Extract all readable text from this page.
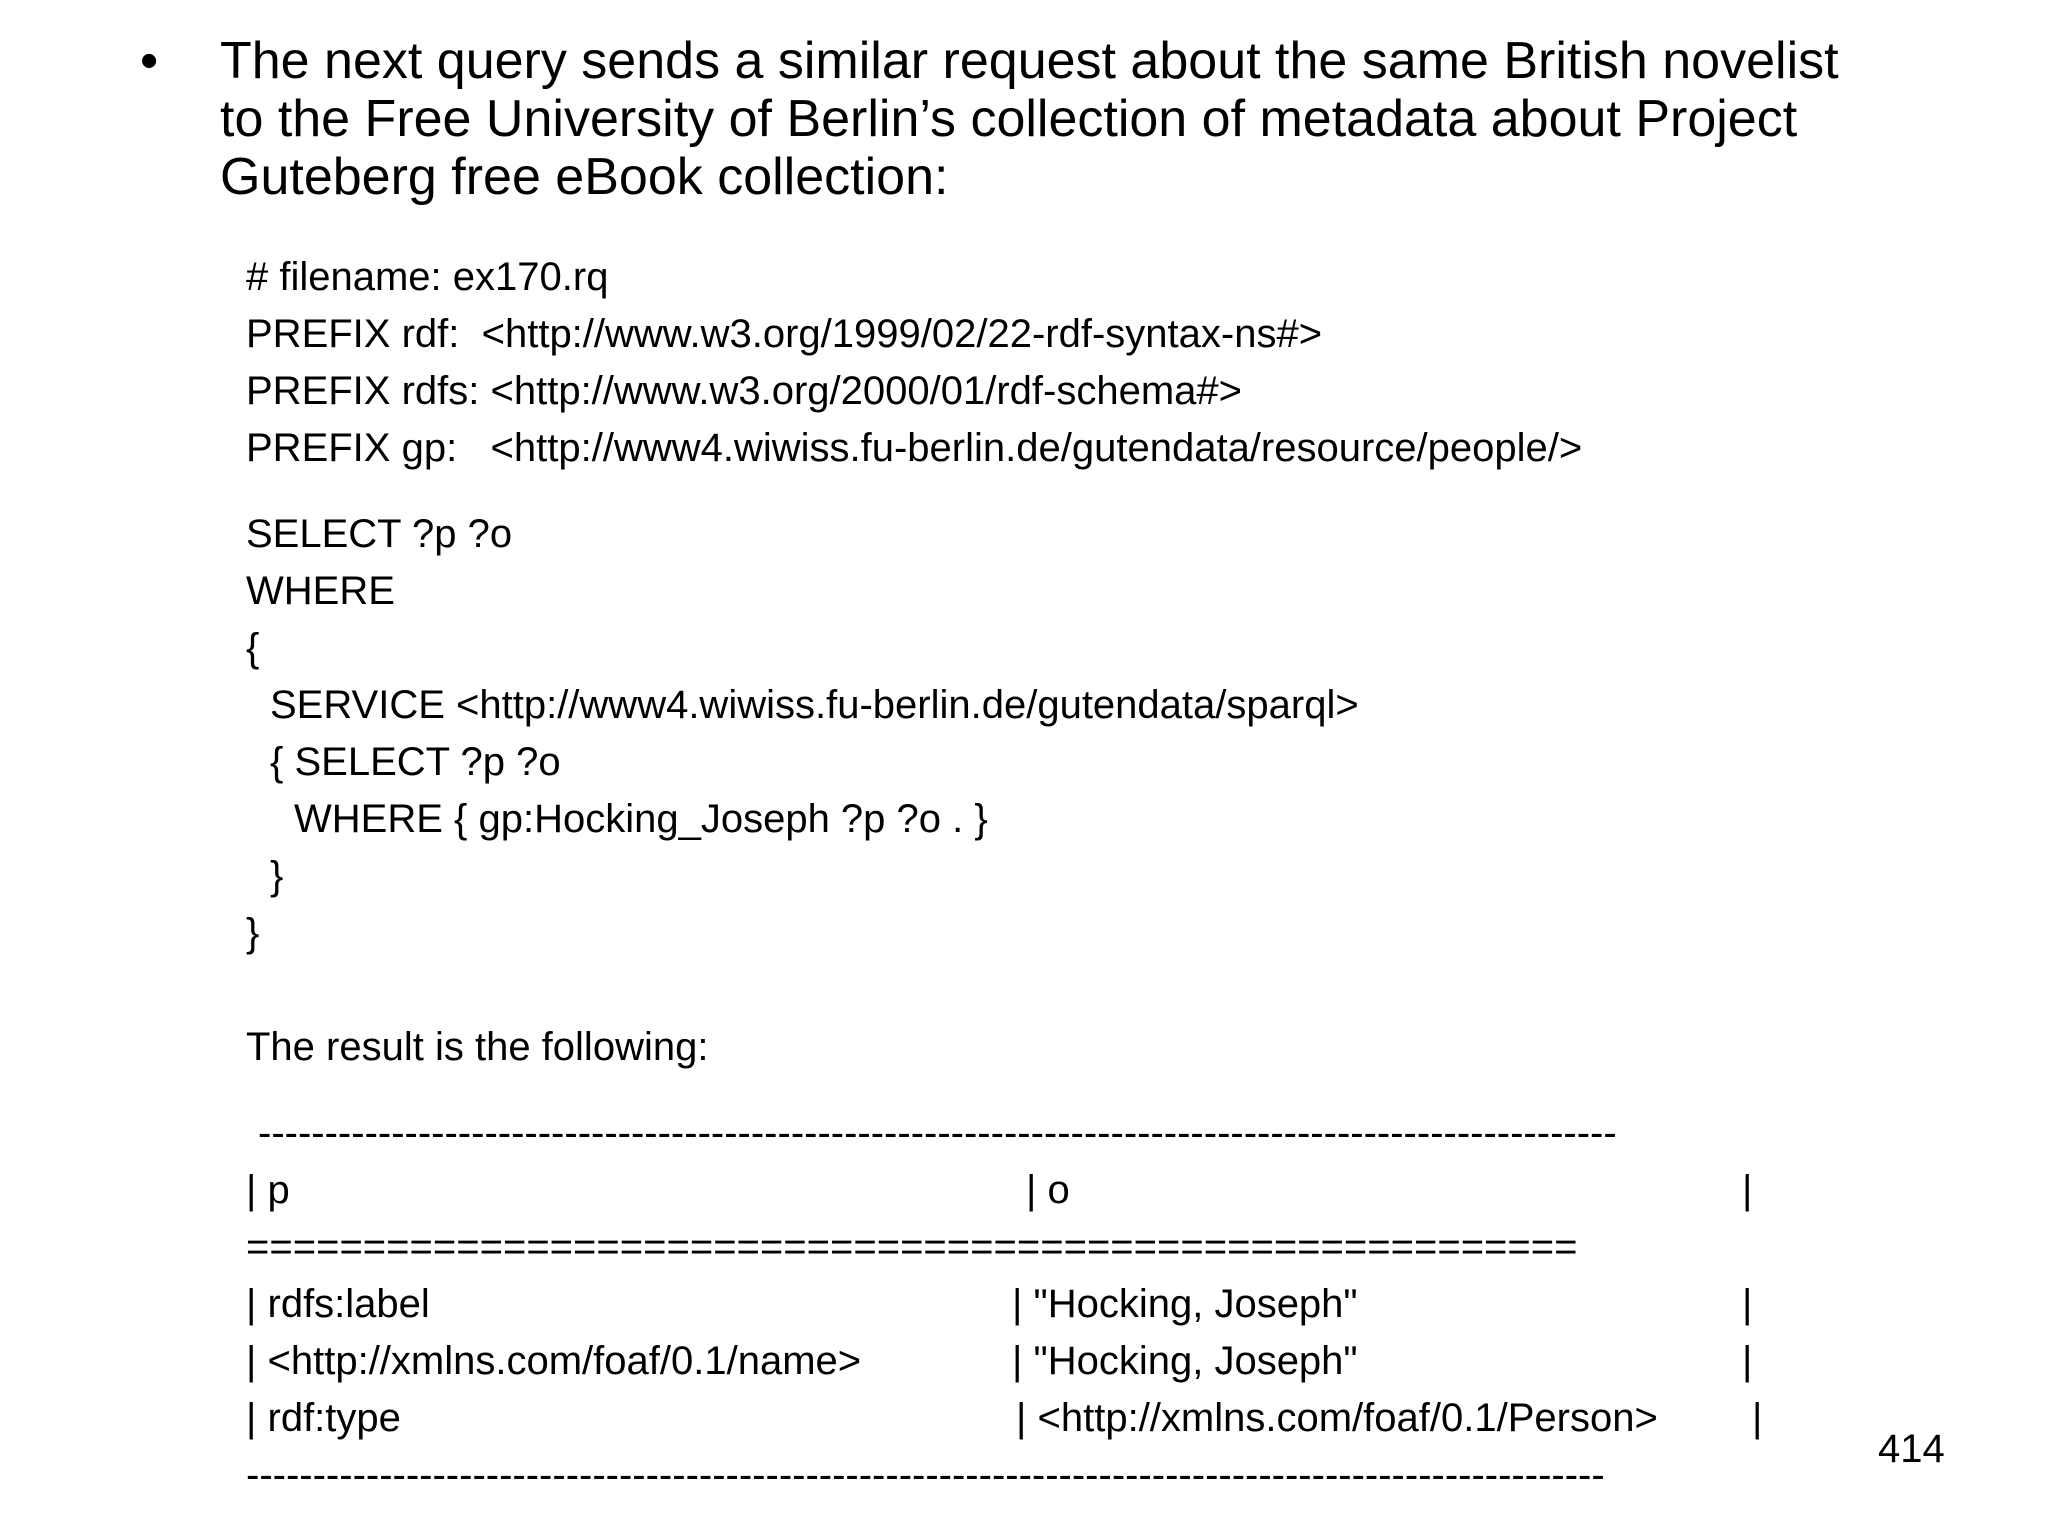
• The next query sends a similar request about the same British novelist
to the Free University of Berlin’s collection of metadata about Project
Guteberg free eBook collection:
# filename: ex170.rq
PREFIX rdf:  <http://www.w3.org/1999/02/22-rdf-syntax-ns#>
PREFIX rdfs: <http://www.w3.org/2000/01/rdf-schema#>
PREFIX gp:   <http://www4.wiwiss.fu-berlin.de/gutendata/resource/people/>
SELECT ?p ?o
WHERE
{
SERVICE <http://www4.wiwiss.fu-berlin.de/gutendata/sparql>
{ SELECT ?p ?o
WHERE { gp:Hocking_Joseph ?p ?o . }
}
}
The result is the following:
------------------------------------------------------------------------------------------------------
| p	| o	|
=========================================================
| rdfs:label	| "Hocking, Joseph"	|
| <http://xmlns.com/foaf/0.1/name>	| "Hocking, Joseph"	|
| rdf:type	| <http://xmlns.com/foaf/0.1/Person> |
------------------------------------------------------------------------------------------------------
414
